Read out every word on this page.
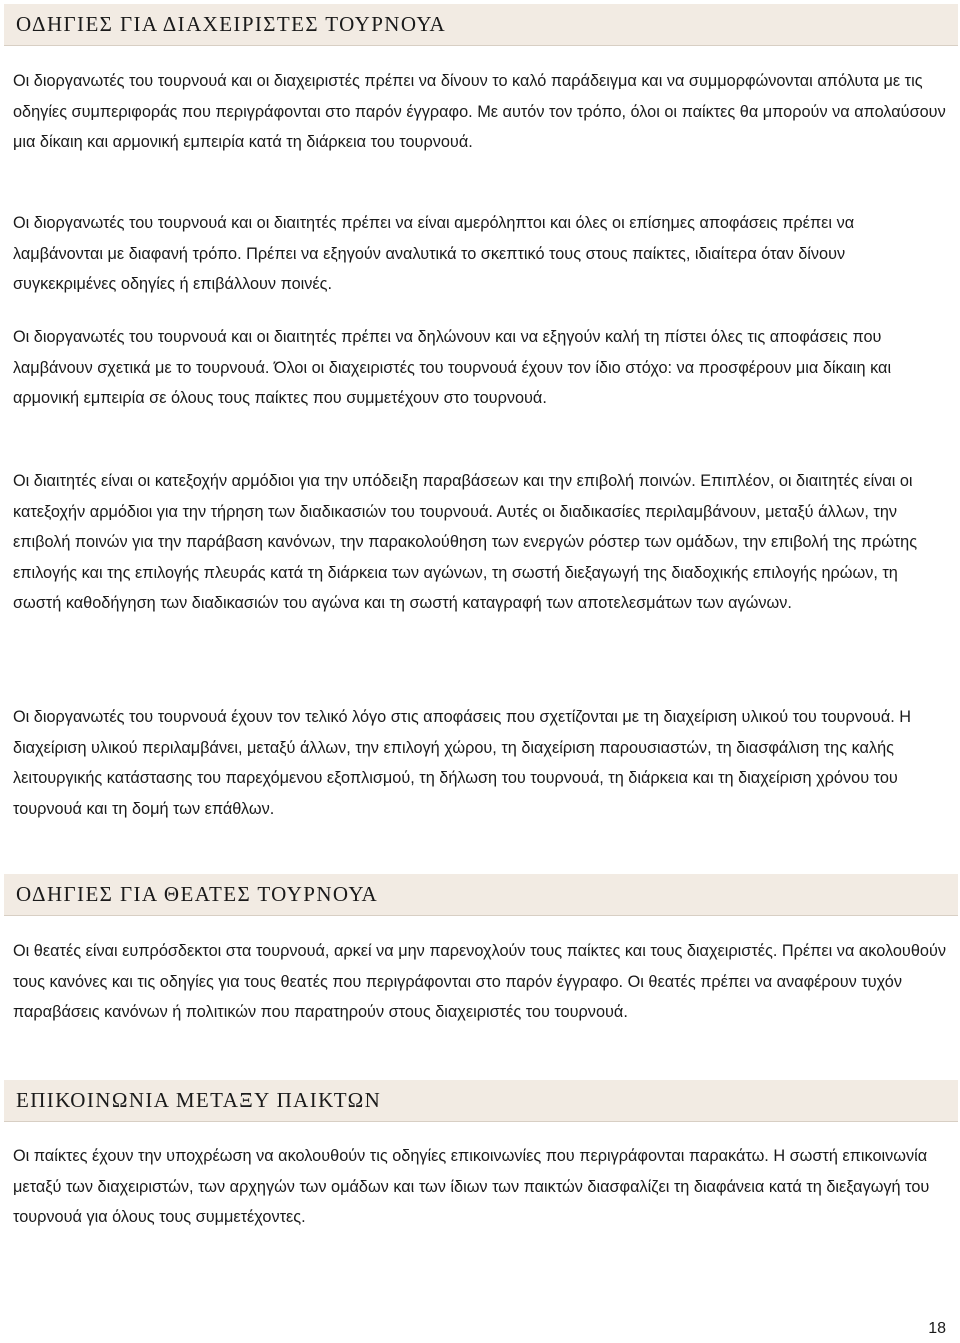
ΟΔΗΓΙΕΣ ΓΙΑ ΔΙΑΧΕΙΡΙΣΤΕΣ ΤΟΥΡΝΟΥΑ

Οι διοργανωτές του τουρνουά και οι διαχειριστές πρέπει να δίνουν το καλό παράδειγμα και να συμμορφώνονται απόλυτα με τις οδηγίες συμπεριφοράς που περιγράφονται στο παρόν έγγραφο. Με αυτόν τον τρόπο, όλοι οι παίκτες θα μπορούν να απολαύσουν μια δίκαιη και αρμονική εμπειρία κατά τη διάρκεια του τουρνουά.

Οι διοργανωτές του τουρνουά και οι διαιτητές πρέπει να είναι αμερόληπτοι και όλες οι επίσημες αποφάσεις πρέπει να λαμβάνονται με διαφανή τρόπο. Πρέπει να εξηγούν αναλυτικά το σκεπτικό τους στους παίκτες, ιδιαίτερα όταν δίνουν συγκεκριμένες οδηγίες ή επιβάλλουν ποινές.

Οι διοργανωτές του τουρνουά και οι διαιτητές πρέπει να δηλώνουν και να εξηγούν καλή τη πίστει όλες τις αποφάσεις που λαμβάνουν σχετικά με το τουρνουά. Όλοι οι διαχειριστές του τουρνουά έχουν τον ίδιο στόχο: να προσφέρουν μια δίκαιη και αρμονική εμπειρία σε όλους τους παίκτες που συμμετέχουν στο τουρνουά.

Οι διαιτητές είναι οι κατεξοχήν αρμόδιοι για την υπόδειξη παραβάσεων και την επιβολή ποινών. Επιπλέον, οι διαιτητές είναι οι κατεξοχήν αρμόδιοι για την τήρηση των διαδικασιών του τουρνουά. Αυτές οι διαδικασίες περιλαμβάνουν, μεταξύ άλλων, την επιβολή ποινών για την παράβαση κανόνων, την παρακολούθηση των ενεργών ρόστερ των ομάδων, την επιβολή της πρώτης επιλογής και της επιλογής πλευράς κατά τη διάρκεια των αγώνων, τη σωστή διεξαγωγή της διαδοχικής επιλογής ηρώων, τη σωστή καθοδήγηση των διαδικασιών του αγώνα και τη σωστή καταγραφή των αποτελεσμάτων των αγώνων.

Οι διοργανωτές του τουρνουά έχουν τον τελικό λόγο στις αποφάσεις που σχετίζονται με τη διαχείριση υλικού του τουρνουά. Η διαχείριση υλικού περιλαμβάνει, μεταξύ άλλων, την επιλογή χώρου, τη διαχείριση παρουσιαστών, τη διασφάλιση της καλής λειτουργικής κατάστασης του παρεχόμενου εξοπλισμού, τη δήλωση του τουρνουά, τη διάρκεια και τη διαχείριση χρόνου του τουρνουά και τη δομή των επάθλων.

ΟΔΗΓΙΕΣ ΓΙΑ ΘΕΑΤΕΣ ΤΟΥΡΝΟΥΑ

Οι θεατές είναι ευπρόσδεκτοι στα τουρνουά, αρκεί να μην παρενοχλούν τους παίκτες και τους διαχειριστές. Πρέπει να ακολουθούν τους κανόνες και τις οδηγίες για τους θεατές που περιγράφονται στο παρόν έγγραφο. Οι θεατές πρέπει να αναφέρουν τυχόν παραβάσεις κανόνων ή πολιτικών που παρατηρούν στους διαχειριστές του τουρνουά.

ΕΠΙΚΟΙΝΩΝΙΑ ΜΕΤΑΞΥ ΠΑΙΚΤΩΝ

Οι παίκτες έχουν την υποχρέωση να ακολουθούν τις οδηγίες επικοινωνίες που περιγράφονται παρακάτω. Η σωστή επικοινωνία μεταξύ των διαχειριστών, των αρχηγών των ομάδων και των ίδιων των παικτών διασφαλίζει τη διαφάνεια κατά τη διεξαγωγή του τουρνουά για όλους τους συμμετέχοντες.

18
